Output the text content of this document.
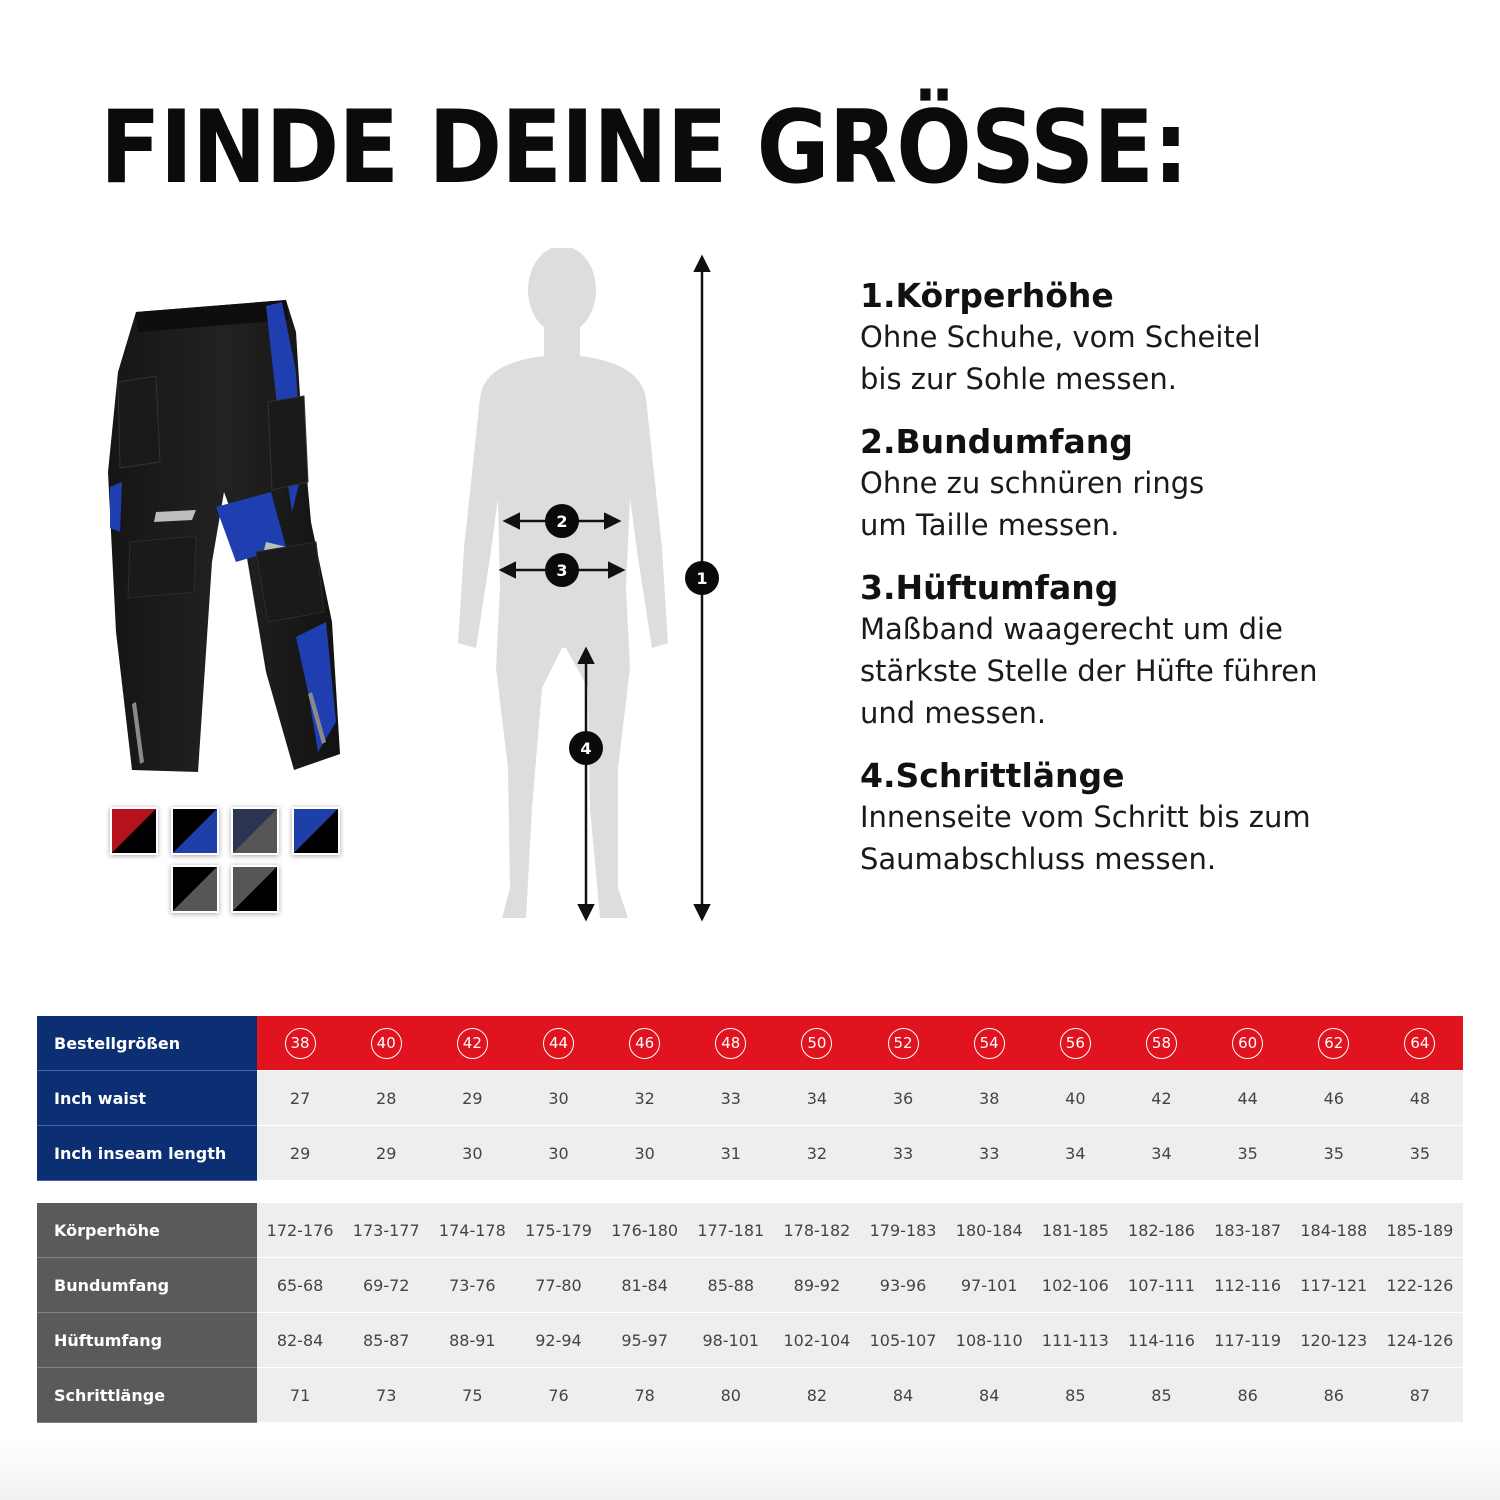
FINDE DEINE GRÖSSE:
1
2
3
4
1.Körperhöhe
Ohne Schuhe, vom Scheitel
bis zur Sohle messen.
2.Bundumfang
Ohne zu schnüren rings
um Taille messen.
3.Hüftumfang
Maßband waagerecht um die
stärkste Stelle der Hüfte führen
und messen.
4.Schrittlänge
Innenseite vom Schritt bis zum
Saumabschluss messen.
Bestellgrößen	38	40	42	44	46	48	50	52	54	56	58	60	62	64
Inch waist	27	28	29	30	32	33	34	36	38	40	42	44	46	48
Inch inseam length	29	29	30	30	30	31	32	33	33	34	34	35	35	35
Körperhöhe	172-176	173-177	174-178	175-179	176-180	177-181	178-182	179-183	180-184	181-185	182-186	183-187	184-188	185-189
Bundumfang	65-68	69-72	73-76	77-80	81-84	85-88	89-92	93-96	97-101	102-106	107-111	112-116	117-121	122-126
Hüftumfang	82-84	85-87	88-91	92-94	95-97	98-101	102-104	105-107	108-110	111-113	114-116	117-119	120-123	124-126
Schrittlänge	71	73	75	76	78	80	82	84	84	85	85	86	86	87
